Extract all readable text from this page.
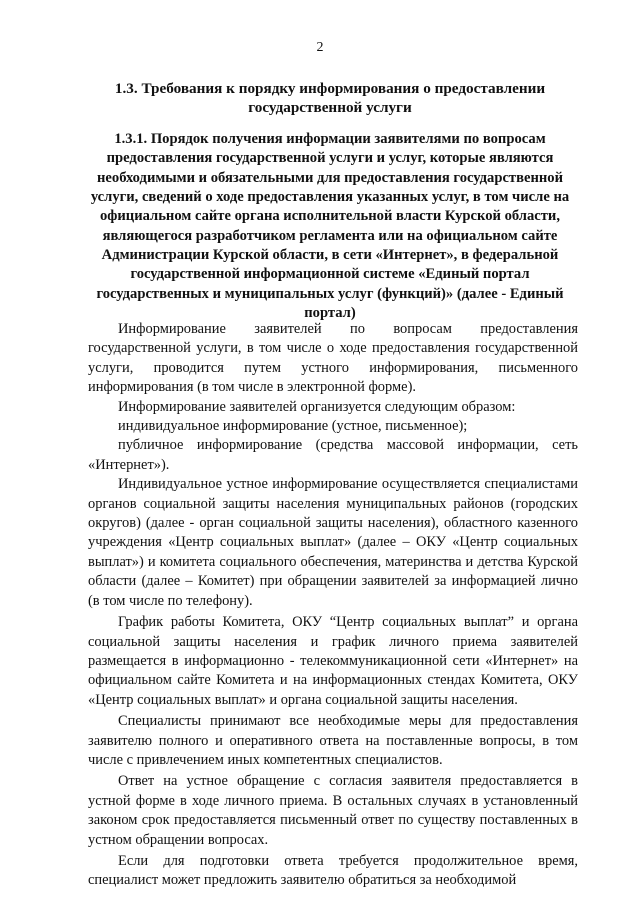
2
1.3. Требования к порядку информирования о предоставлении государственной услуги
1.3.1. Порядок получения информации заявителями по вопросам предоставления государственной услуги и услуг, которые являются необходимыми и обязательными для предоставления государственной услуги, сведений о ходе предоставления указанных услуг, в том числе на официальном сайте органа исполнительной власти Курской области, являющегося разработчиком регламента или на официальном сайте Администрации Курской области, в сети «Интернет», в федеральной государственной информационной системе «Единый портал государственных и муниципальных услуг (функций)» (далее - Единый портал)

Информирование заявителей по вопросам предоставления государственной услуги, в том числе о ходе предоставления государственной услуги, проводится путем устного информирования, письменного информирования (в том числе в электронной форме).

Информирование заявителей организуется следующим образом:

индивидуальное информирование (устное, письменное);

публичное информирование (средства массовой информации, сеть «Интернет»).

Индивидуальное устное информирование осуществляется специалистами органов социальной защиты населения муниципальных районов (городских округов) (далее - орган социальной защиты населения), областного казенного учреждения «Центр социальных выплат» (далее – ОКУ «Центр социальных выплат») и комитета социального обеспечения, материнства и детства Курской области (далее – Комитет) при обращении заявителей за информацией лично (в том числе по телефону).

График работы Комитета, ОКУ “Центр социальных выплат” и органа социальной защиты населения и график личного приема заявителей размещается в информационно - телекоммуникационной сети «Интернет» на официальном сайте Комитета и на информационных стендах Комитета, ОКУ «Центр социальных выплат» и органа социальной защиты населения.

Специалисты принимают все необходимые меры для предоставления заявителю полного и оперативного ответа на поставленные вопросы, в том числе с привлечением иных компетентных специалистов.

Ответ на устное обращение с согласия заявителя предоставляется в устной форме в ходе личного приема. В остальных случаях в установленный законом срок предоставляется письменный ответ по существу поставленных в устном обращении вопросах.

Если для подготовки ответа требуется продолжительное время, специалист может предложить заявителю обратиться за необходимой
